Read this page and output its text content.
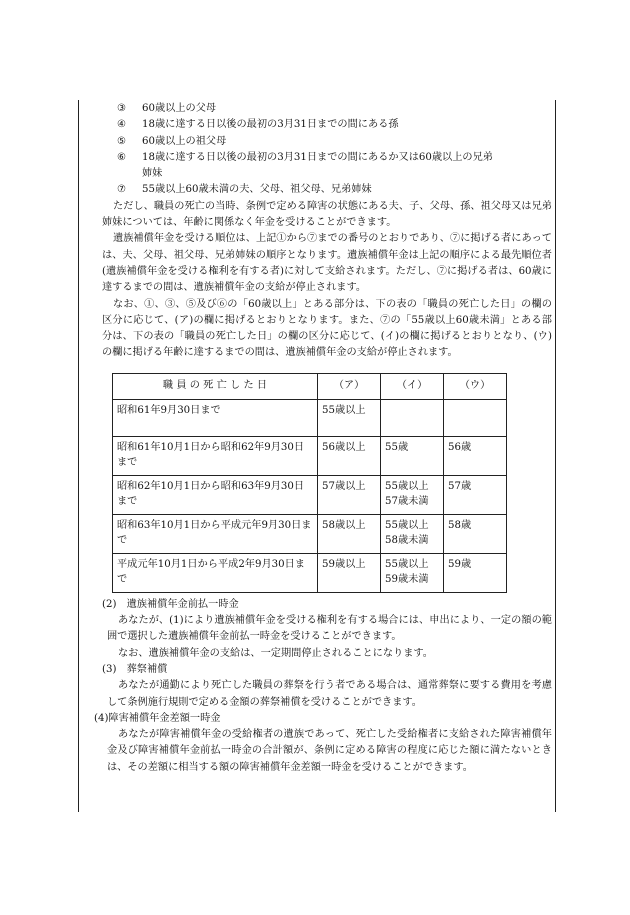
③ 60歳以上の父母
④ 18歳に達する日以後の最初の3月31日までの間にある孫
⑤ 60歳以上の祖父母
⑥ 18歳に達する日以後の最初の3月31日までの間にあるか又は60歳以上の兄弟
姉妹
⑦ 55歳以上60歳未満の夫、父母、祖父母、兄弟姉妹
ただし、職員の死亡の当時、条例で定める障害の状態にある夫、子、父母、孫、祖父母又は兄弟姉妹については、年齢に関係なく年金を受けることができます。
遺族補償年金を受ける順位は、上記①から⑦までの番号のとおりであり、⑦に掲げる者にあっては、夫、父母、祖父母、兄弟姉妹の順序となります。遺族補償年金は上記の順序による最先順位者(遺族補償年金を受ける権利を有する者)に対して支給されます。ただし、⑦に掲げる者は、60歳に達するまでの間は、遺族補償年金の支給が停止されます。
なお、①、③、⑤及び⑥の「60歳以上」とある部分は、下の表の「職員の死亡した日」の欄の区分に応じて、(ア)の欄に掲げるとおりとなります。また、⑦の「55歳以上60歳未満」とある部分は、下の表の「職員の死亡した日」の欄の区分に応じて、(イ)の欄に掲げるとおりとなり、(ウ)の欄に掲げる年齢に達するまでの間は、遺族補償年金の支給が停止されます。
職 員 の 死 亡 し た 日	（ア）	（イ）	（ウ）
昭和61年9月30日まで	55歳以上		
昭和61年10月1日から昭和62年9月30日まで	56歳以上	55歳	56歳
昭和62年10月1日から昭和63年9月30日まで	57歳以上	55歳以上57歳未満	57歳
昭和63年10月1日から平成元年9月30日まで	58歳以上	55歳以上58歳未満	58歳
平成元年10月1日から平成2年9月30日まで	59歳以上	55歳以上59歳未満	59歳
(2)　遺族補償年金前払一時金
あなたが、(1)により遺族補償年金を受ける権利を有する場合には、申出により、一定の額の範囲で選択した遺族補償年金前払一時金を受けることができます。
なお、遺族補償年金の支給は、一定期間停止されることになります。
(3)　葬祭補償
あなたが通勤により死亡した職員の葬祭を行う者である場合は、通常葬祭に要する費用を考慮して条例施行規則で定める金額の葬祭補償を受けることができます。
(4)障害補償年金差額一時金
あなたが障害補償年金の受給権者の遺族であって、死亡した受給権者に支給された障害補償年金及び障害補償年金前払一時金の合計額が、条例に定める障害の程度に応じた額に満たないときは、その差額に相当する額の障害補償年金差額一時金を受けることができます。
